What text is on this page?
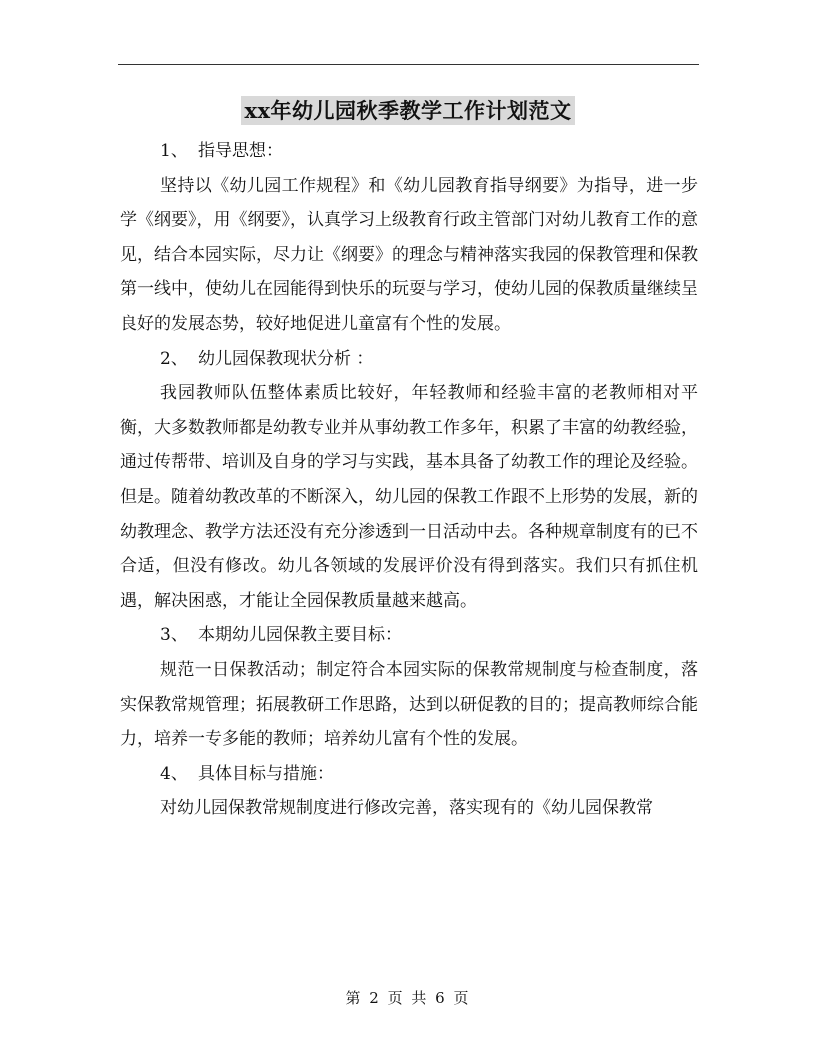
xx年幼儿园秋季教学工作计划范文
1、 指导思想：
坚持以《幼儿园工作规程》和《幼儿园教育指导纲要》为指导，进一步学《纲要》，用《纲要》，认真学习上级教育行政主管部门对幼儿教育工作的意见，结合本园实际，尽力让《纲要》的理念与精神落实我园的保教管理和保教第一线中，使幼儿在园能得到快乐的玩耍与学习，使幼儿园的保教质量继续呈良好的发展态势，较好地促进儿童富有个性的发展。
2、 幼儿园保教现状分析 ：
我园教师队伍整体素质比较好，年轻教师和经验丰富的老教师相对平衡，大多数教师都是幼教专业并从事幼教工作多年，积累了丰富的幼教经验，通过传帮带、培训及自身的学习与实践，基本具备了幼教工作的理论及经验。但是。随着幼教改革的不断深入，幼儿园的保教工作跟不上形势的发展，新的幼教理念、教学方法还没有充分渗透到一日活动中去。各种规章制度有的已不合适，但没有修改。幼儿各领域的发展评价没有得到落实。我们只有抓住机遇，解决困惑，才能让全园保教质量越来越高。
3、 本期幼儿园保教主要目标：
规范一日保教活动；制定符合本园实际的保教常规制度与检查制度，落实保教常规管理；拓展教研工作思路，达到以研促教的目的；提高教师综合能力，培养一专多能的教师；培养幼儿富有个性的发展。
4、 具体目标与措施：
对幼儿园保教常规制度进行修改完善，落实现有的《幼儿园保教常
第 2 页 共 6 页
